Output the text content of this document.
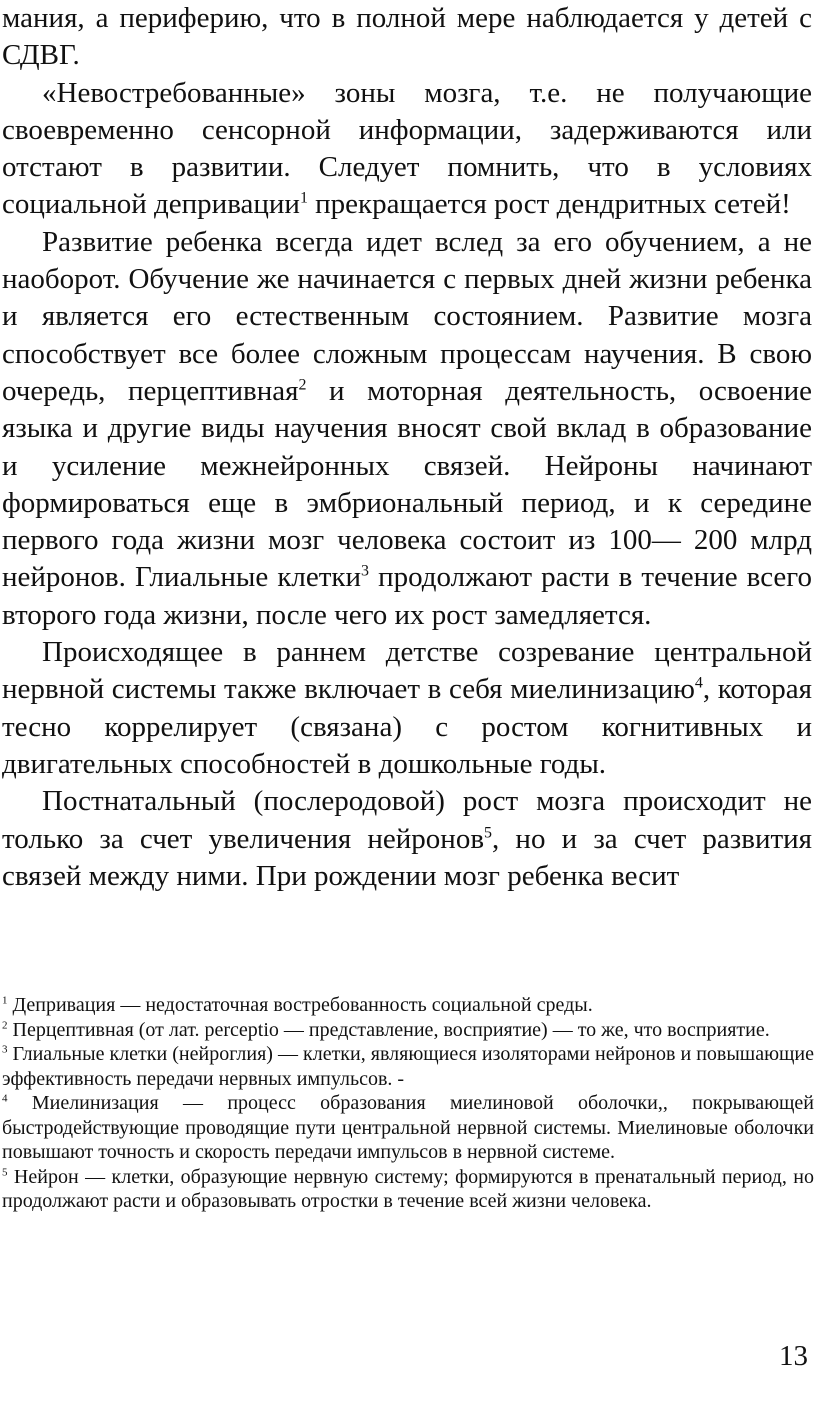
мания, а периферию, что в полной мере наблюдается у детей с СДВГ.

«Невостребованные» зоны мозга, т.е. не получающие своевременно сенсорной информации, задерживаются или отстают в развитии. Следует помнить, что в условиях социальной депривации$^1$ прекращается рост дендритных сетей!

Развитие ребенка всегда идет вслед за его обучением, а не наоборот. Обучение же начинается с первых дней жизни ребенка и является его естественным состоянием. Развитие мозга способствует все более сложным процессам научения. В свою очередь, перцептивная$^2$ и моторная деятельность, освоение языка и другие виды научения вносят свой вклад в образование и усиление межнейронных связей. Нейроны начинают формироваться еще в эмбриональный период, и к середине первого года жизни мозг человека состоит из 100— 200 млрд нейронов. Глиальные клетки$^3$ продолжают расти в течение всего второго года жизни, после чего их рост замедляется.

Происходящее в раннем детстве созревание центральной нервной системы также включает в себя миелинизацию$^4$, которая тесно коррелирует (связана) с ростом когнитивных и двигательных способностей в дошкольные годы.

Постнатальный (послеродовой) рост мозга происходит не только за счет увеличения нейронов$^5$, но и за счет развития связей между ними. При рождении мозг ребенка весит

$^1$ Депривация — недостаточная востребованность социальной среды.

$^2$ Перцептивная (от лат. perceptio — представление, восприятие) — то же, что восприятие.

$^3$ Глиальные клетки (нейроглия) — клетки, являющиеся изоляторами нейронов и повышающие эффективность передачи нервных импульсов. -

$^4$ Миелинизация — процесс образования миелиновой оболочки,, покрывающей быстродействующие проводящие пути центральной нервной системы. Миелиновые оболочки повышают точность и скорость передачи импульсов в нервной системе.

$^5$ Нейрон — клетки, образующие нервную систему; формируются в пренатальный период, но продолжают расти и образовывать отростки в течение всей жизни человека.

13
